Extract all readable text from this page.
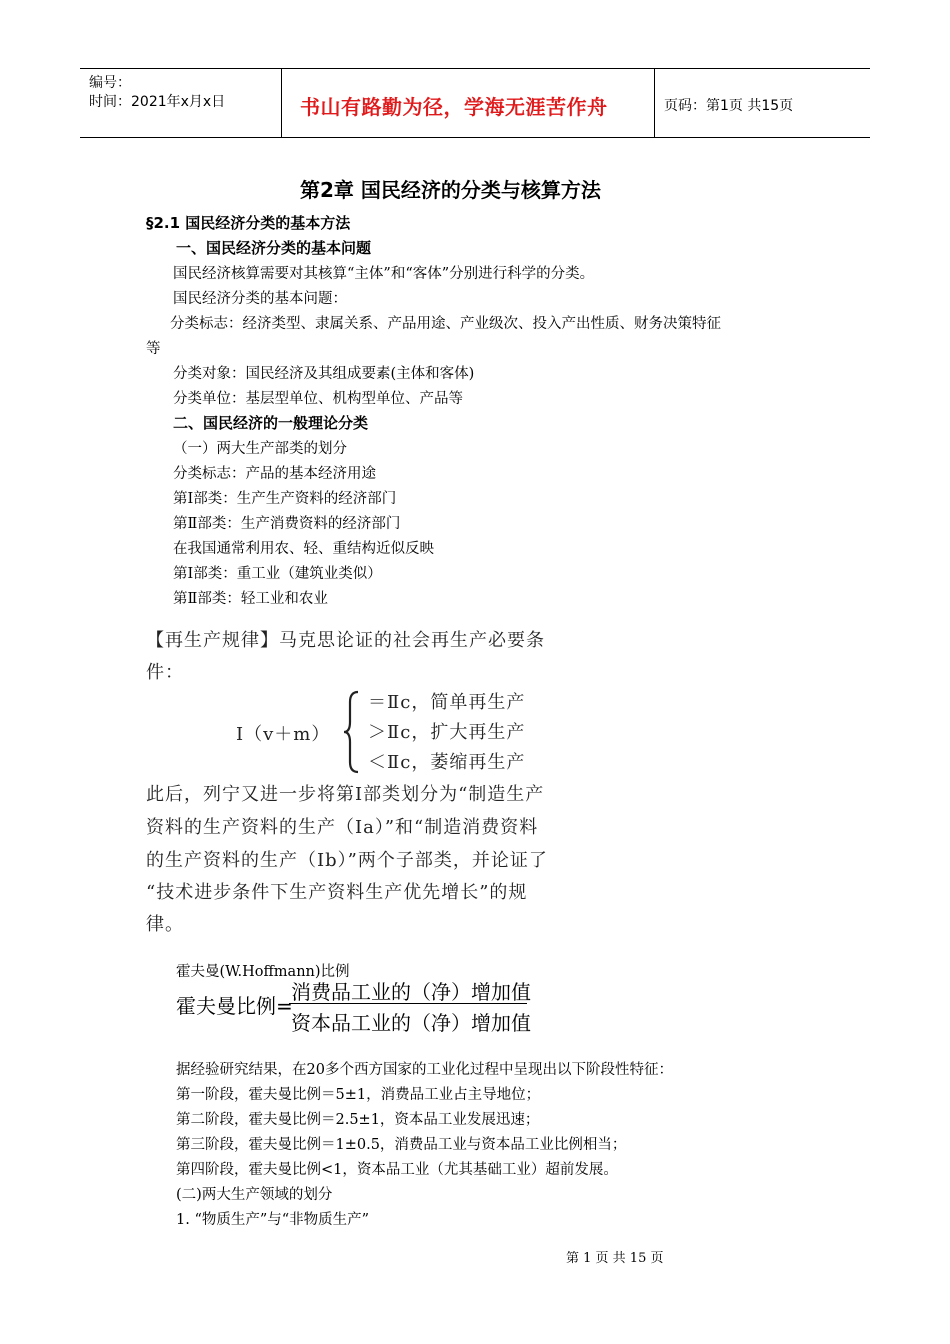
编号：
时间：2021年x月x日	书山有路勤为径，学海无涯苦作舟	页码：第1页 共15页
第2章 国民经济的分类与核算方法
§2.1 国民经济分类的基本方法
一、国民经济分类的基本问题
国民经济核算需要对其核算“主体”和“客体”分别进行科学的分类。
国民经济分类的基本问题：
分类标志：经济类型、隶属关系、产品用途、产业级次、投入产出性质、财务决策特征
等
分类对象：国民经济及其组成要素(主体和客体)
分类单位：基层型单位、机构型单位、产品等
二、国民经济的一般理论分类
（一）两大生产部类的划分
分类标志：产品的基本经济用途
第Ⅰ部类：生产生产资料的经济部门
第Ⅱ部类：生产消费资料的经济部门
在我国通常利用农、轻、重结构近似反映
第Ⅰ部类：重工业（建筑业类似）
第Ⅱ部类：轻工业和农业
【再生产规律】马克思论证的社会再生产必要条
件：
Ⅰ（v＋m）
＝Ⅱc，简单再生产
＞Ⅱc，扩大再生产
＜Ⅱc，萎缩再生产
此后，列宁又进一步将第Ⅰ部类划分为“制造生产
资料的生产资料的生产（Ⅰa）”和“制造消费资料
的生产资料的生产（Ⅰb）”两个子部类，并论证了
“技术进步条件下生产资料生产优先增长”的规
律。
霍夫曼(W.Hoffmann)比例
霍夫曼比例=
消费品工业的（净）增加值
资本品工业的（净）增加值
据经验研究结果，在20多个西方国家的工业化过程中呈现出以下阶段性特征：
第一阶段，霍夫曼比例＝5±1，消费品工业占主导地位；
第二阶段，霍夫曼比例＝2.5±1，资本品工业发展迅速；
第三阶段，霍夫曼比例＝1±0.5，消费品工业与资本品工业比例相当；
第四阶段，霍夫曼比例<1，资本品工业（尤其基础工业）超前发展。
(二)两大生产领域的划分
1. “物质生产”与“非物质生产”
第 1 页 共 15 页
